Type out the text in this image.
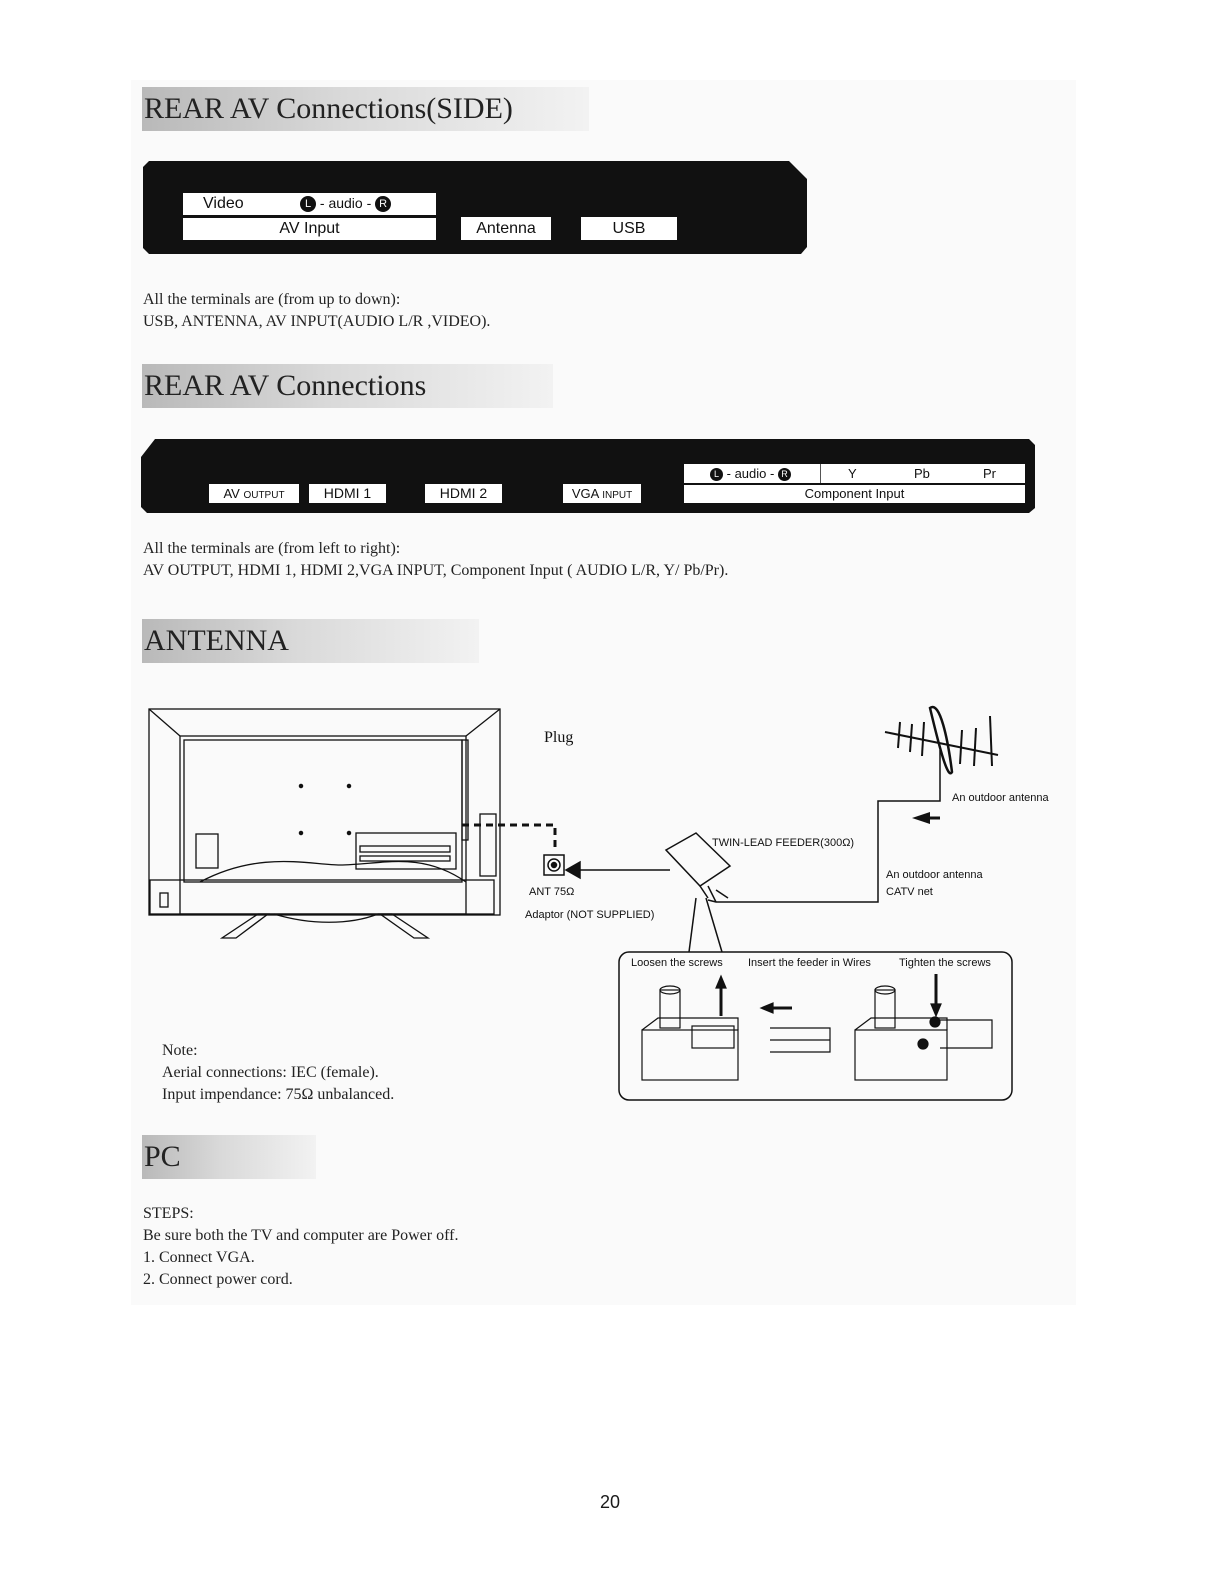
REAR AV Connections(SIDE)
Video	L - audio - R
AV Input	Antenna	USB
All the terminals are (from up to down):
USB, ANTENNA, AV INPUT(AUDIO L/R ,VIDEO).
REAR AV Connections
AV OUTPUT	HDMI 1	HDMI 2	VGA INPUT
L - audio - R	Y	Pb	Pr
Component Input
All the terminals are (from left to right):
AV OUTPUT, HDMI 1, HDMI 2,VGA INPUT, Component Input ( AUDIO L/R, Y/ Pb/Pr).
ANTENNA
Plug
An outdoor antenna
TWIN-LEAD FEEDER(300Ω)
An outdoor antenna
CATV net
ANT 75Ω
Adaptor (NOT SUPPLIED)
Loosen the screws Insert the feeder in Wires	Tighten the screws
Note:
Aerial connections: IEC (female).
Input impendance: 75Ω unbalanced.
PC
STEPS:
Be sure both the TV and computer are Power off.
1. Connect VGA.
2. Connect power cord.
20
